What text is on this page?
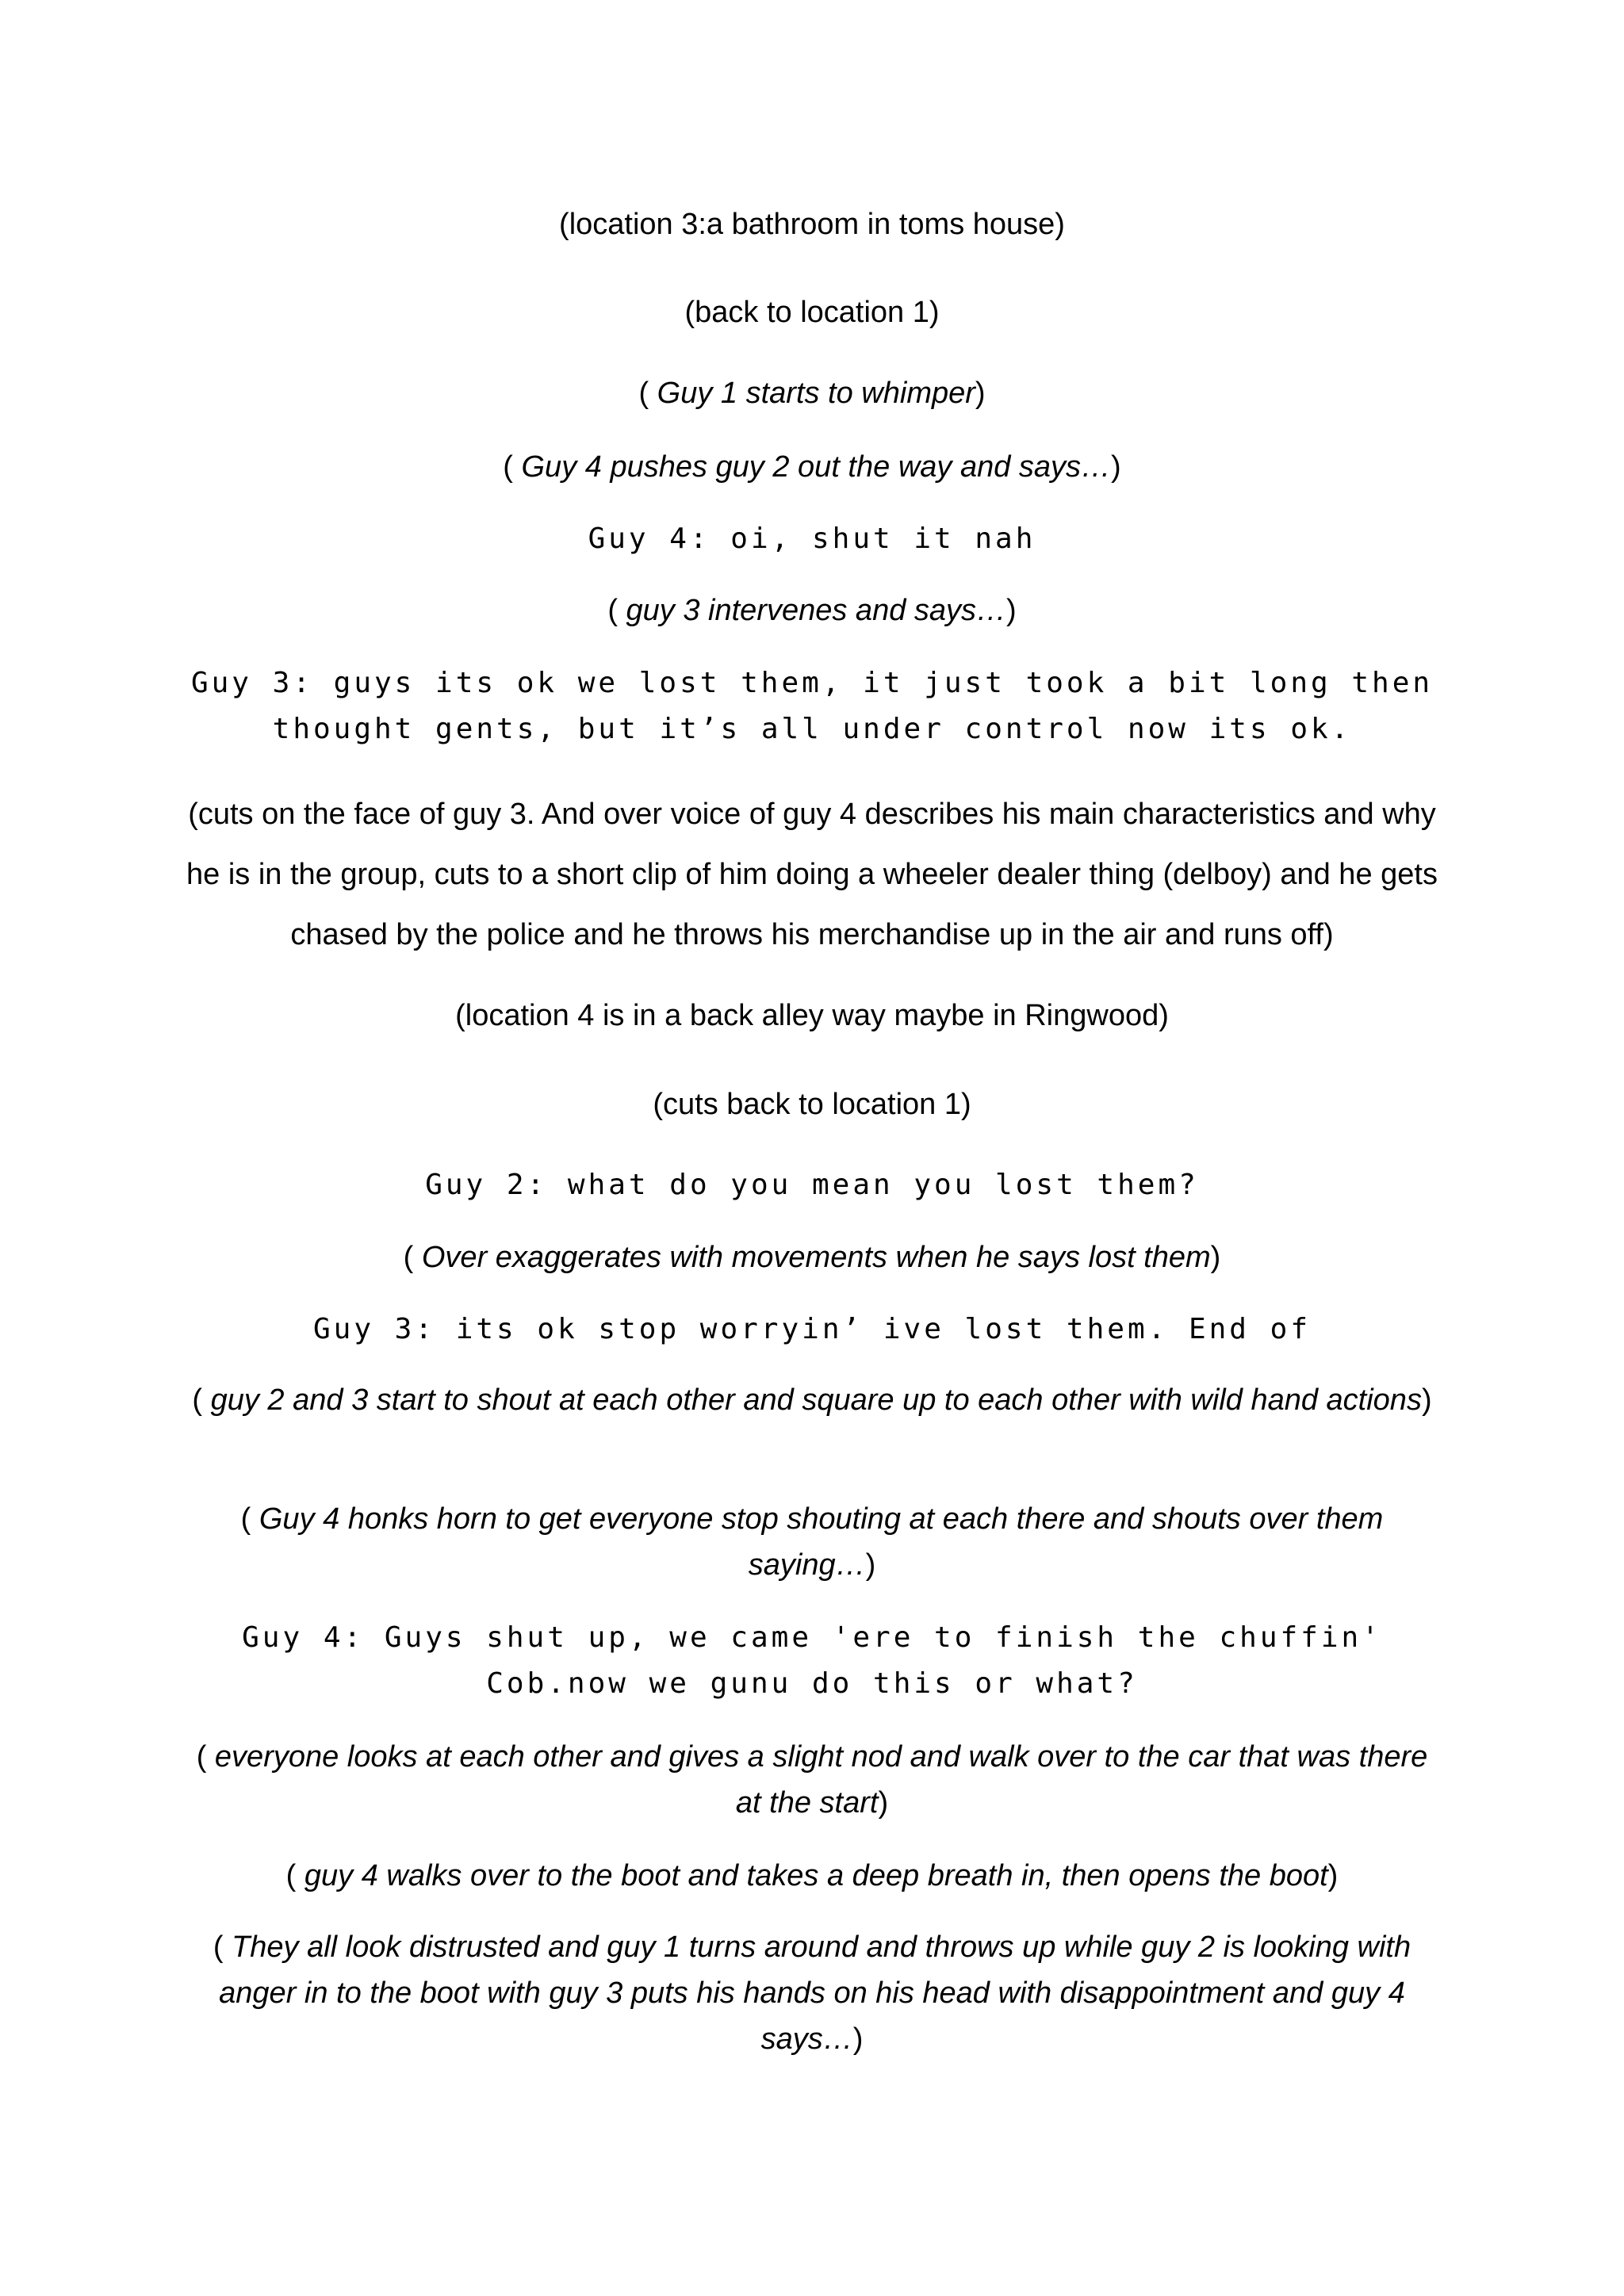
(location 3:a bathroom in toms house)
(back to location 1)
( Guy 1 starts to whimper)
( Guy 4 pushes guy 2 out the way and says…)
Guy 4: oi, shut it nah
( guy 3 intervenes and says…)
Guy 3: guys its ok we lost them, it just took a bit long then thought gents, but it’s all under control now its ok.
(cuts on the face of guy 3. And over voice of guy 4 describes his main characteristics and why he is in the group, cuts to a short clip of him doing a wheeler dealer thing (delboy) and he gets chased by the police and he throws his merchandise up in the air and runs off)
(location 4 is in a back alley way maybe in Ringwood)
(cuts back to location 1)
Guy 2: what do you mean you lost them?
( Over exaggerates with movements when he says lost them)
Guy 3: its ok stop worryin’ ive lost them. End of
( guy 2 and 3 start to shout at each other and square up to each other with wild hand actions)
( Guy 4 honks horn to get everyone stop shouting at each there and shouts over them saying…)
Guy 4: Guys shut up, we came 'ere to finish the chuffin' Cob.now we gunu do this or what?
( everyone looks at each other and gives a slight nod and walk over to the car that was there at the start)
( guy 4 walks over to the boot and takes a deep breath in, then opens the boot)
( They all look distrusted and guy 1 turns around and throws up while guy 2 is looking with anger in to the boot with guy 3 puts his hands on his head with disappointment and guy 4 says…)
